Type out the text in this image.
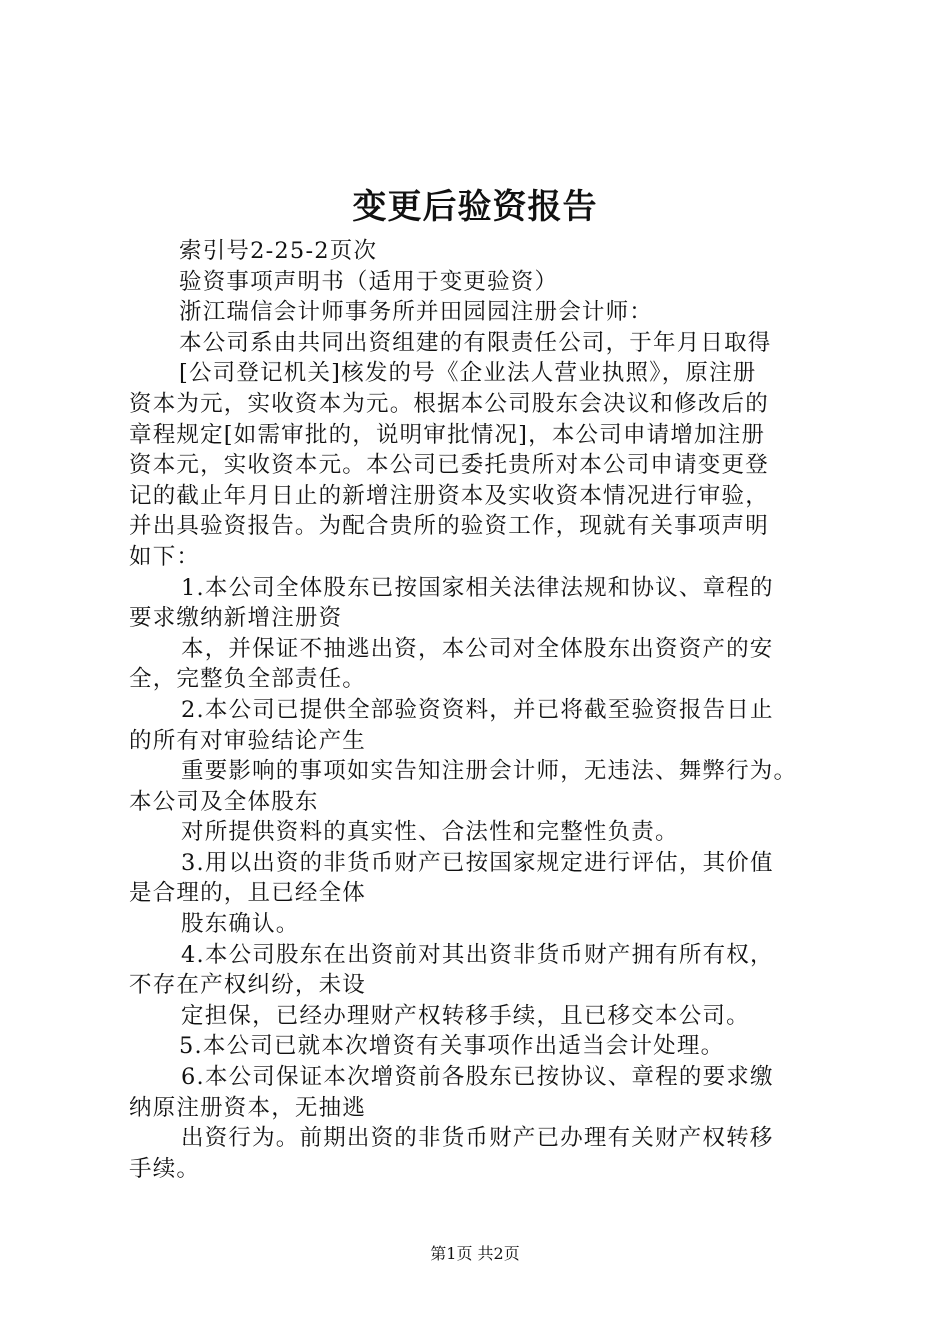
变更后验资报告
索引号2-25-2页次
验资事项声明书（适用于变更验资）
浙江瑞信会计师事务所并田园园注册会计师：
本公司系由共同出资组建的有限责任公司，于年月日取得
[公司登记机关]核发的号《企业法人营业执照》，原注册
资本为元，实收资本为元。根据本公司股东会决议和修改后的
章程规定[如需审批的，说明审批情况]，本公司申请增加注册
资本元，实收资本元。本公司已委托贵所对本公司申请变更登
记的截止年月日止的新增注册资本及实收资本情况进行审验，
并出具验资报告。为配合贵所的验资工作，现就有关事项声明
如下：
1.本公司全体股东已按国家相关法律法规和协议、章程的
要求缴纳新增注册资
本，并保证不抽逃出资，本公司对全体股东出资资产的安
全，完整负全部责任。
2.本公司已提供全部验资资料，并已将截至验资报告日止
的所有对审验结论产生
重要影响的事项如实告知注册会计师，无违法、舞弊行为。
本公司及全体股东
对所提供资料的真实性、合法性和完整性负责。
3.用以出资的非货币财产已按国家规定进行评估，其价值
是合理的，且已经全体
股东确认。
4.本公司股东在出资前对其出资非货币财产拥有所有权，
不存在产权纠纷，未设
定担保，已经办理财产权转移手续，且已移交本公司。
5.本公司已就本次增资有关事项作出适当会计处理。
6.本公司保证本次增资前各股东已按协议、章程的要求缴
纳原注册资本，无抽逃
出资行为。前期出资的非货币财产已办理有关财产权转移
手续。
第1页 共2页
